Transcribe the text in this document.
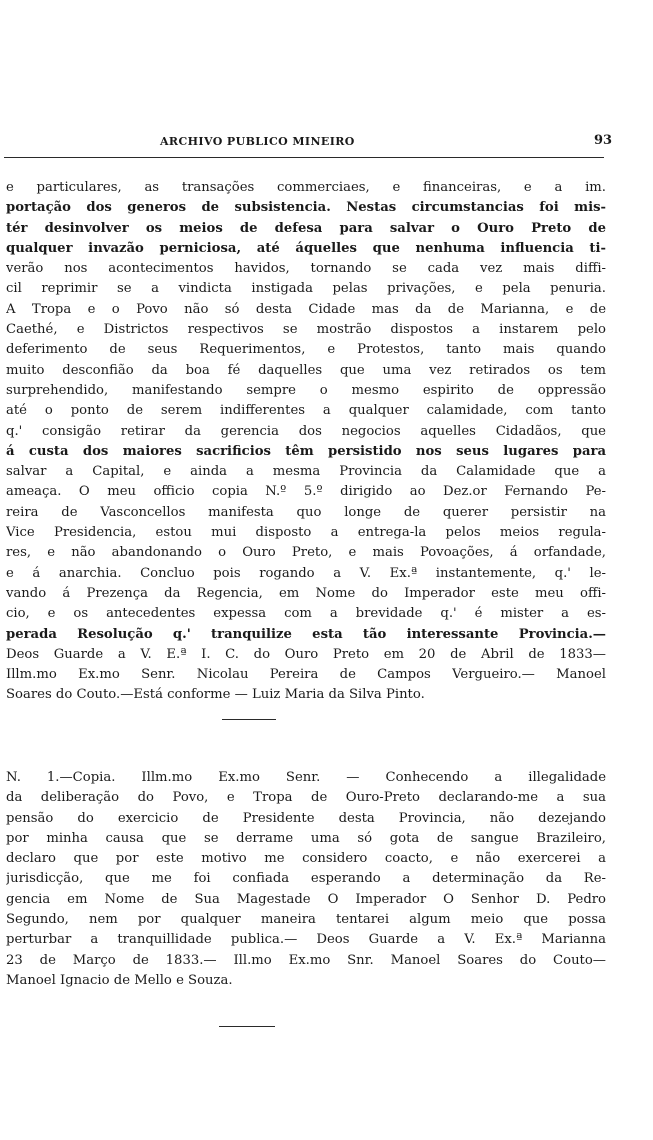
ARCHIVO PUBLICO MINEIRO	93
e particulares, as transações commerciaes, e financeiras, e a im.
portação dos generos de subsistencia. Nestas circumstancias foi mis-
tér desinvolver os meios de defesa para salvar o Ouro Preto de
qualquer invazão perniciosa, até áquelles que nenhuma influencia ti-
verão nos acontecimentos havidos, tornando se cada vez mais diffi-
cil reprimir se a vindicta instigada pelas privações, e pela penuria.
A Tropa e o Povo não só desta Cidade mas da de Marianna, e de
Caethé, e Districtos respectivos se mostrão dispostos a instarem pelo
deferimento de seus Requerimentos, e Protestos, tanto mais quando
muito desconfião da boa fé daquelles que uma vez retirados os tem
surprehendido, manifestando sempre o mesmo espirito de oppressão
até o ponto de serem indifferentes a qualquer calamidade, com tanto
q.' consigão retirar da gerencia dos negocios aquelles Cidadãos, que
á custa dos maiores sacrificios têm persistido nos seus lugares para
salvar a Capital, e ainda a mesma Provincia da Calamidade que a
ameaça. O meu officio copia N.º 5.º dirigido ao Dez.or Fernando Pe-
reira de Vasconcellos manifesta quo longe de querer persistir na
Vice Presidencia, estou mui disposto a entrega-la pelos meios regula-
res, e não abandonando o Ouro Preto, e mais Povoações, á orfandade,
e á anarchia. Concluo pois rogando a V. Ex.ª instantemente, q.' le-
vando á Prezença da Regencia, em Nome do Imperador este meu offi-
cio, e os antecedentes expessa com a brevidade q.' é mister a es-
perada Resolução q.' tranquilize esta tão interessante Provincia.—
Deos Guarde a V. E.ª I. C. do Ouro Preto em 20 de Abril de 1833—
Illm.mo Ex.mo Senr. Nicolau Pereira de Campos Vergueiro.— Manoel
Soares do Couto.—Está conforme — Luiz Maria da Silva Pinto.
N. 1.—Copia. Illm.mo Ex.mo Senr. — Conhecendo a illegalidade
da deliberação do Povo, e Tropa de Ouro-Preto declarando-me a sua
pensão do exercicio de Presidente desta Provincia, não dezejando
por minha causa que se derrame uma só gota de sangue Brazileiro,
declaro que por este motivo me considero coacto, e não exercerei a
jurisdicção, que me foi confiada esperando a determinação da Re-
gencia em Nome de Sua Magestade O Imperador O Senhor D. Pedro
Segundo, nem por qualquer maneira tentarei algum meio que possa
perturbar a tranquillidade publica.— Deos Guarde a V. Ex.ª Marianna
23 de Março de 1833.— Ill.mo Ex.mo Snr. Manoel Soares do Couto—
Manoel Ignacio de Mello e Souza.
